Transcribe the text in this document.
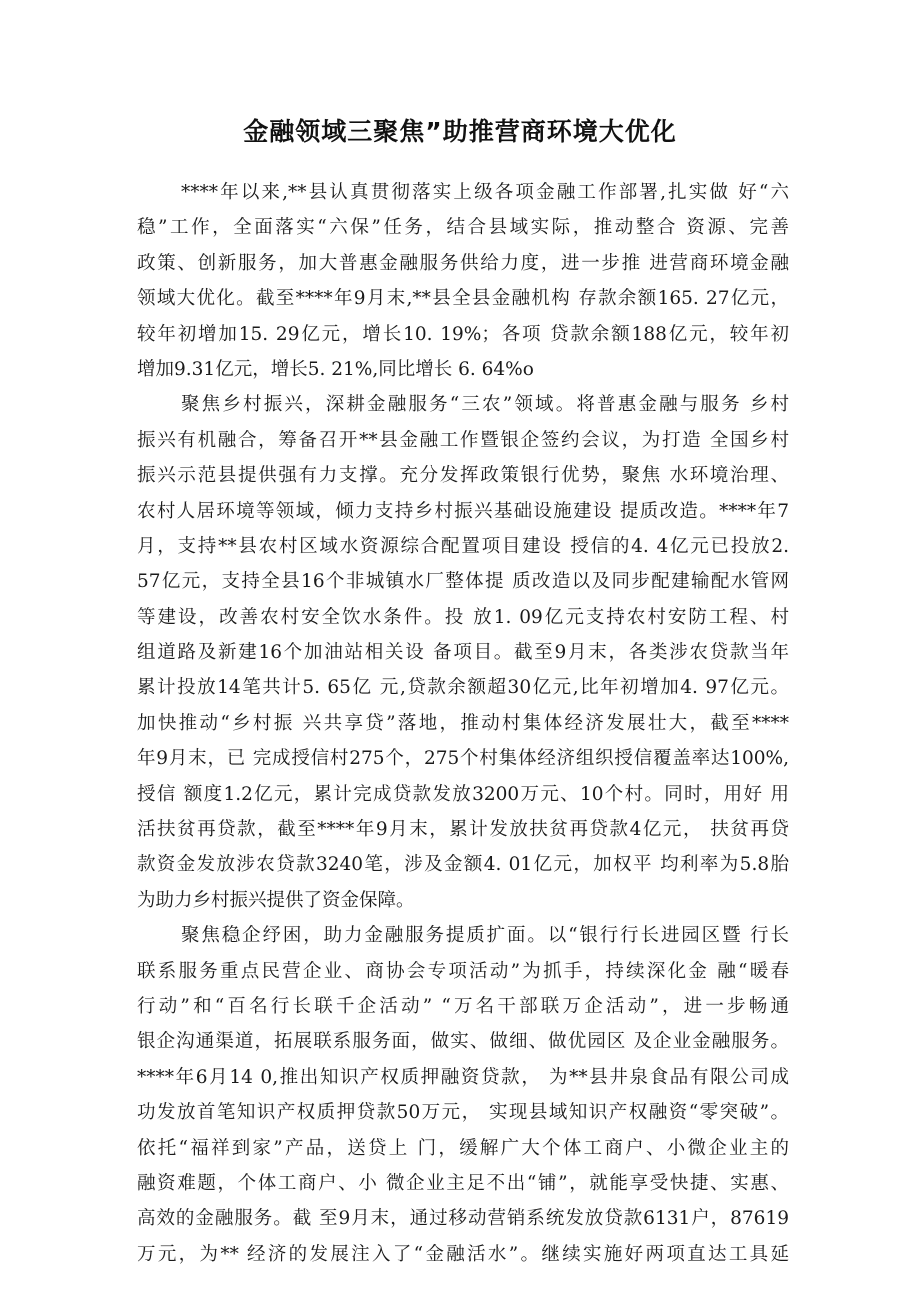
金融领域三聚焦”助推营商环境大优化
****年以来,**县认真贯彻落实上级各项金融工作部署,扎实做 好“六
稳”工作，全面落实“六保”任务，结合县域实际，推动整合 资源、完善
政策、创新服务，加大普惠金融服务供给力度，进一步推 进营商环境金融
领域大优化。截至****年9月末,**县全县金融机构 存款余额165. 27亿元，
较年初增加15. 29亿元，增长10. 19%；各项 贷款余额188亿元，较年初
增加9.31亿元，增长5. 21%,同比增长 6. 64%o
聚焦乡村振兴，深耕金融服务“三农”领域。将普惠金融与服务 乡村
振兴有机融合，筹备召开**县金融工作暨银企签约会议，为打造 全国乡村
振兴示范县提供强有力支撑。充分发挥政策银行优势，聚焦 水环境治理、
农村人居环境等领域，倾力支持乡村振兴基础设施建设 提质改造。****年7
月，支持**县农村区域水资源综合配置项目建设 授信的4. 4亿元已投放2.
57亿元，支持全县16个非城镇水厂整体提 质改造以及同步配建输配水管网
等建设，改善农村安全饮水条件。投 放1. 09亿元支持农村安防工程、村
组道路及新建16个加油站相关设 备项目。截至9月末，各类涉农贷款当年
累计投放14笔共计5. 65亿 元,贷款余额超30亿元,比年初增加4. 97亿元。
加快推动“乡村振 兴共享贷”落地，推动村集体经济发展壮大，截至****
年9月末，已 完成授信村275个，275个村集体经济组织授信覆盖率达100%,
授信 额度1.2亿元，累计完成贷款发放3200万元、10个村。同时，用好 用
活扶贫再贷款，截至****年9月末，累计发放扶贫再贷款4亿元， 扶贫再贷
款资金发放涉农贷款3240笔，涉及金额4. 01亿元，加权平 均利率为5.8胎
为助力乡村振兴提供了资金保障。
聚焦稳企纾困，助力金融服务提质扩面。以“银行行长进园区暨 行长
联系服务重点民营企业、商协会专项活动”为抓手，持续深化金 融“暖春
行动”和“百名行长联千企活动” “万名干部联万企活动”，进一步畅通
银企沟通渠道，拓展联系服务面，做实、做细、做优园区 及企业金融服务。
****年6月14 0,推出知识产权质押融资贷款， 为**县井泉食品有限公司成
功发放首笔知识产权质押贷款50万元， 实现县域知识产权融资“零突破”。
依托“福祥到家”产品，送贷上 门，缓解广大个体工商户、小微企业主的
融资难题，个体工商户、小 微企业主足不出“铺”，就能享受快捷、实惠、
高效的金融服务。截 至9月末，通过移动营销系统发放贷款6131户，87619
万元，为** 经济的发展注入了“金融活水”。继续实施好两项直达工具延
